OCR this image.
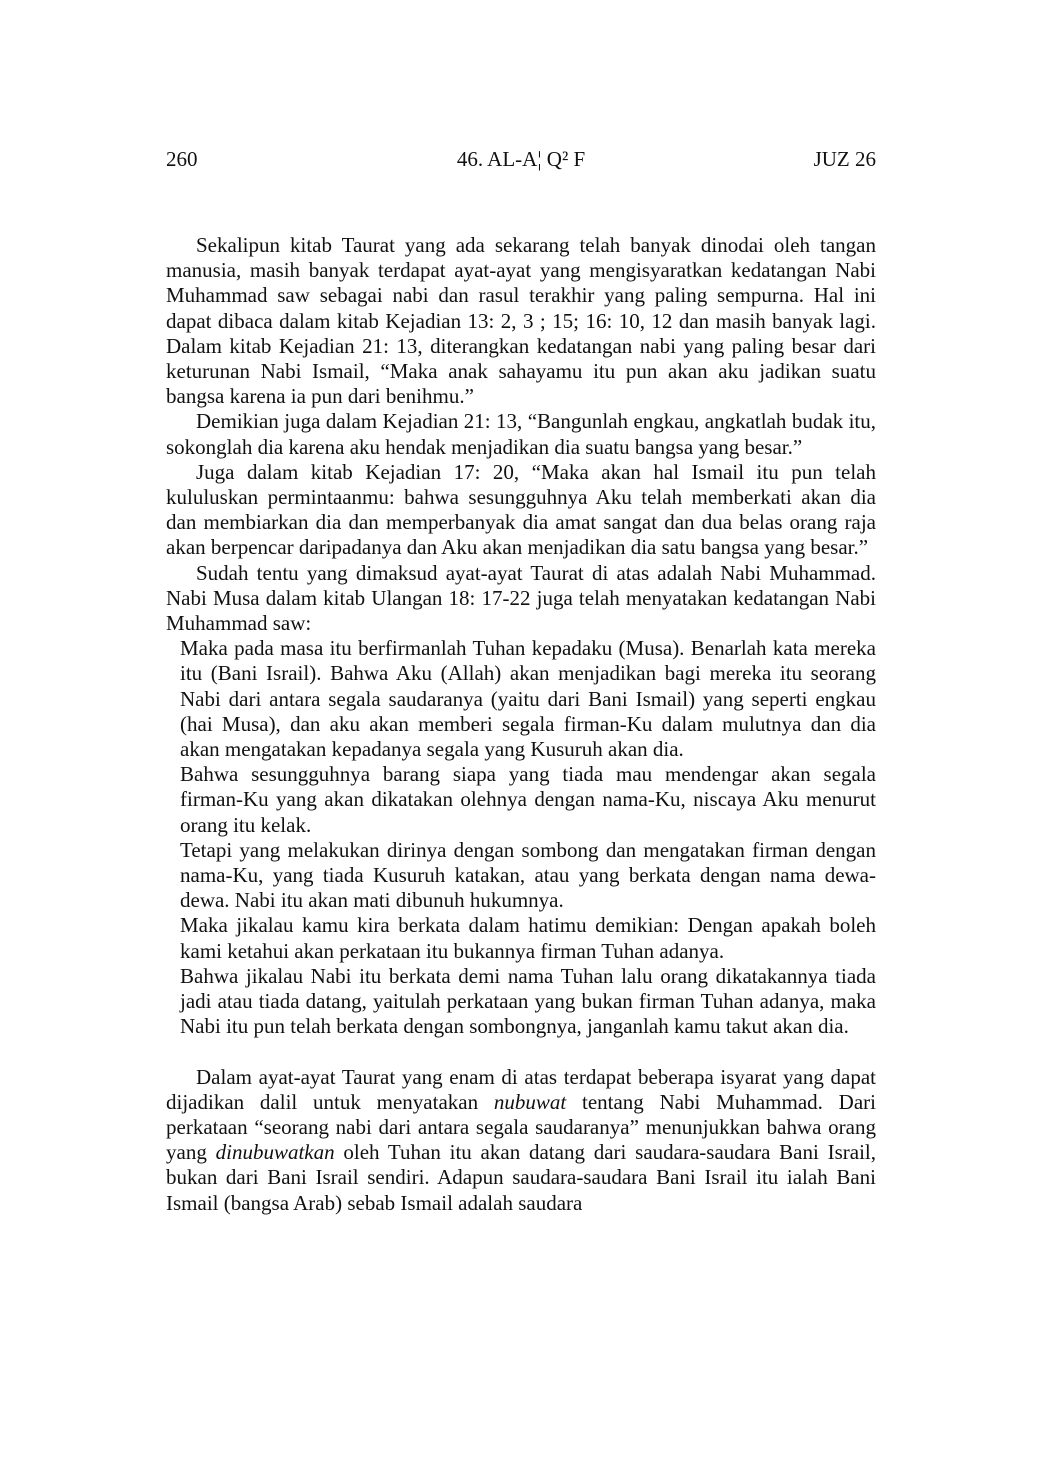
260	46. AL-A¦ Q² F	JUZ 26

Sekalipun kitab Taurat yang ada sekarang telah banyak dinodai oleh tangan manusia, masih banyak terdapat ayat-ayat yang mengisyaratkan kedatangan Nabi Muhammad saw sebagai nabi dan rasul terakhir yang paling sempurna. Hal ini dapat dibaca dalam kitab Kejadian 13: 2, 3 ; 15; 16: 10, 12 dan masih banyak lagi. Dalam kitab Kejadian 21: 13, diterangkan kedatangan nabi yang paling besar dari keturunan Nabi Ismail, “Maka anak sahayamu itu pun akan aku jadikan suatu bangsa karena ia pun dari benihmu.”

Demikian juga dalam Kejadian 21: 13, “Bangunlah engkau, angkatlah budak itu, sokonglah dia karena aku hendak menjadikan dia suatu bangsa yang besar.”

Juga dalam kitab Kejadian 17: 20, “Maka akan hal Ismail itu pun telah kululuskan permintaanmu: bahwa sesungguhnya Aku telah memberkati akan dia dan membiarkan dia dan memperbanyak dia amat sangat dan dua belas orang raja akan berpencar daripadanya dan Aku akan menjadikan dia satu bangsa yang besar.”

Sudah tentu yang dimaksud ayat-ayat Taurat di atas adalah Nabi Muhammad. Nabi Musa dalam kitab Ulangan 18: 17-22 juga telah menyatakan kedatangan Nabi Muhammad saw:

Maka pada masa itu berfirmanlah Tuhan kepadaku (Musa). Benarlah kata mereka itu (Bani Israil). Bahwa Aku (Allah) akan menjadikan bagi mereka itu seorang Nabi dari antara segala saudaranya (yaitu dari Bani Ismail) yang seperti engkau (hai Musa), dan aku akan memberi segala firman-Ku dalam mulutnya dan dia akan mengatakan kepadanya segala yang Kusuruh akan dia.

Bahwa sesungguhnya barang siapa yang tiada mau mendengar akan segala firman-Ku yang akan dikatakan olehnya dengan nama-Ku, niscaya Aku menurut orang itu kelak.

Tetapi yang melakukan dirinya dengan sombong dan mengatakan firman dengan nama-Ku, yang tiada Kusuruh katakan, atau yang berkata dengan nama dewa-dewa. Nabi itu akan mati dibunuh hukumnya.

Maka jikalau kamu kira berkata dalam hatimu demikian: Dengan apakah boleh kami ketahui akan perkataan itu bukannya firman Tuhan adanya.

Bahwa jikalau Nabi itu berkata demi nama Tuhan lalu orang dikatakannya tiada jadi atau tiada datang, yaitulah perkataan yang bukan firman Tuhan adanya, maka Nabi itu pun telah berkata dengan sombongnya, janganlah kamu takut akan dia.

Dalam ayat-ayat Taurat yang enam di atas terdapat beberapa isyarat yang dapat dijadikan dalil untuk menyatakan nubuwat tentang Nabi Muhammad. Dari perkataan “seorang nabi dari antara segala saudaranya” menunjukkan bahwa orang yang dinubuwatkan oleh Tuhan itu akan datang dari saudara-saudara Bani Israil, bukan dari Bani Israil sendiri. Adapun saudara-saudara Bani Israil itu ialah Bani Ismail (bangsa Arab) sebab Ismail adalah saudara
